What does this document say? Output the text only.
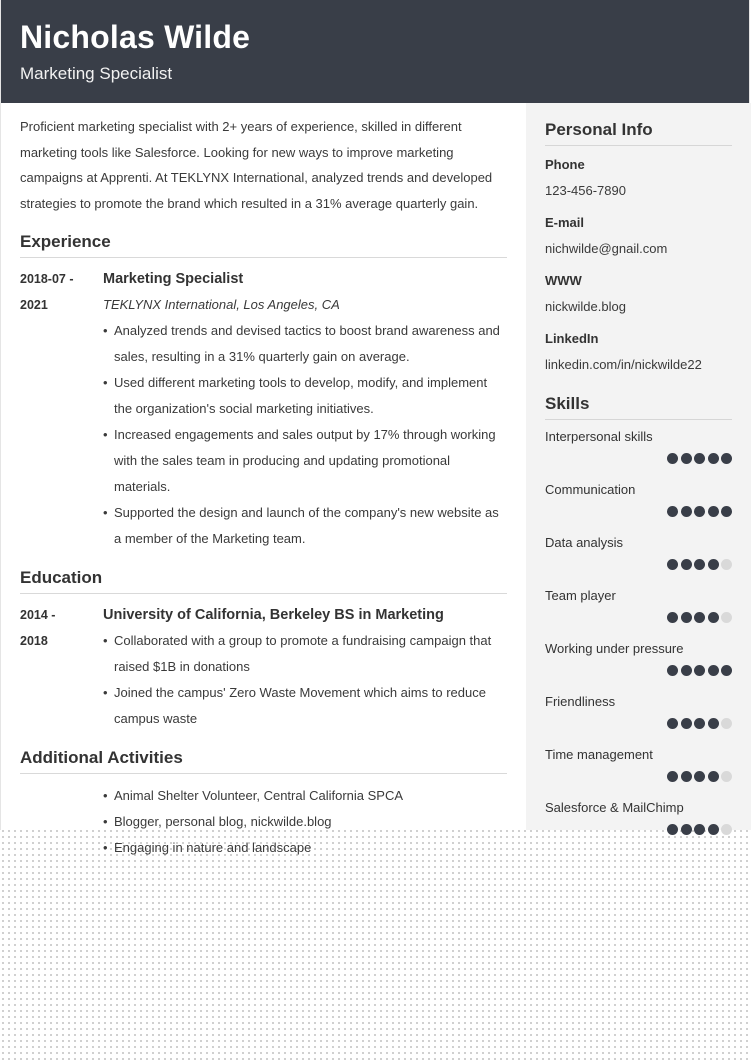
Nicholas Wilde
Marketing Specialist

Proficient marketing specialist with 2+ years of experience, skilled in different marketing tools like Salesforce. Looking for new ways to improve marketing campaigns at Apprenti. At TEKLYNX International, analyzed trends and developed strategies to promote the brand which resulted in a 31% average quarterly gain.

Experience
2018-07 -
2021
Marketing Specialist
TEKLYNX International, Los Angeles, CA
• Analyzed trends and devised tactics to boost brand awareness and sales, resulting in a 31% quarterly gain on average.
• Used different marketing tools to develop, modify, and implement the organization's social marketing initiatives.
• Increased engagements and sales output by 17% through working with the sales team in producing and updating promotional materials.
• Supported the design and launch of the company's new website as a member of the Marketing team.
Education
2014 -
2018
University of California, Berkeley BS in Marketing
• Collaborated with a group to promote a fundraising campaign that raised $1B in donations
• Joined the campus' Zero Waste Movement which aims to reduce campus waste
Additional Activities
• Animal Shelter Volunteer, Central California SPCA
• Blogger, personal blog, nickwilde.blog
• Engaging in nature and landscape
Personal Info
Phone
123-456-7890
E-mail
nichwilde@gnail.com
WWW
nickwilde.blog
LinkedIn
linkedin.com/in/nickwilde22
Skills
Interpersonal skills
Communication
Data analysis
Team player
Working under pressure
Friendliness
Time management
Salesforce & MailChimp
